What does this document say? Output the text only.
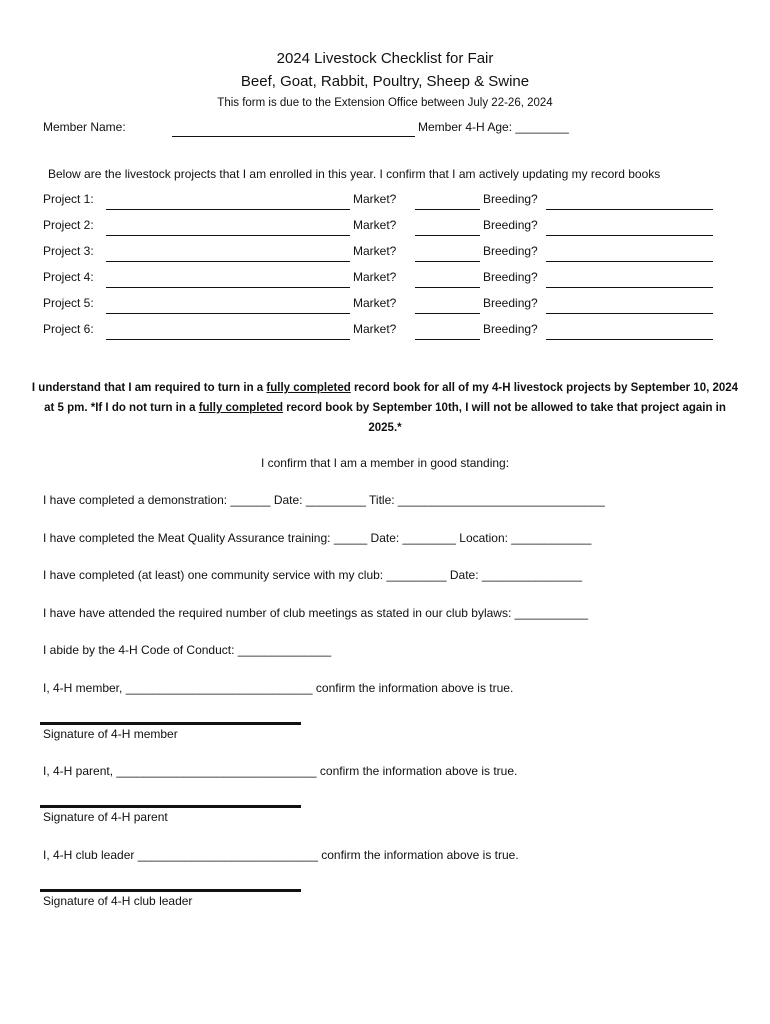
2024 Livestock Checklist for Fair
Beef, Goat, Rabbit, Poultry, Sheep & Swine
This form is due to the Extension Office between July 22-26, 2024
Member Name:	Member 4-H Age: ________
Below are the livestock projects that I am enrolled in this year. I confirm that I am actively updating my record books
Project 1:	Market?	Breeding?
Project 2:	Market?	Breeding?
Project 3:	Market?	Breeding?
Project 4:	Market?	Breeding?
Project 5:	Market?	Breeding?
Project 6:	Market?	Breeding?
I understand that I am required to turn in a fully completed record book for all of my 4-H livestock projects by September 10, 2024 at 5 pm. *If I do not turn in a fully completed record book by September 10th, I will not be allowed to take that project again in 2025.*
I confirm that I am a member in good standing:
I have completed a demonstration: ______ Date: _________ Title: _______________________________
I have completed the Meat Quality Assurance training: _____ Date: ________ Location: ____________
I have completed (at least) one community service with my club: _________ Date: _______________
I have have attended the required number of club meetings as stated in our club bylaws: ___________
I abide by the 4-H Code of Conduct: ______________
I, 4-H member, ____________________________ confirm the information above is true.
Signature of 4-H member
I, 4-H parent, ______________________________ confirm the information above is true.
Signature of 4-H parent
I, 4-H club leader ___________________________ confirm the information above is true.
Signature of 4-H club leader
